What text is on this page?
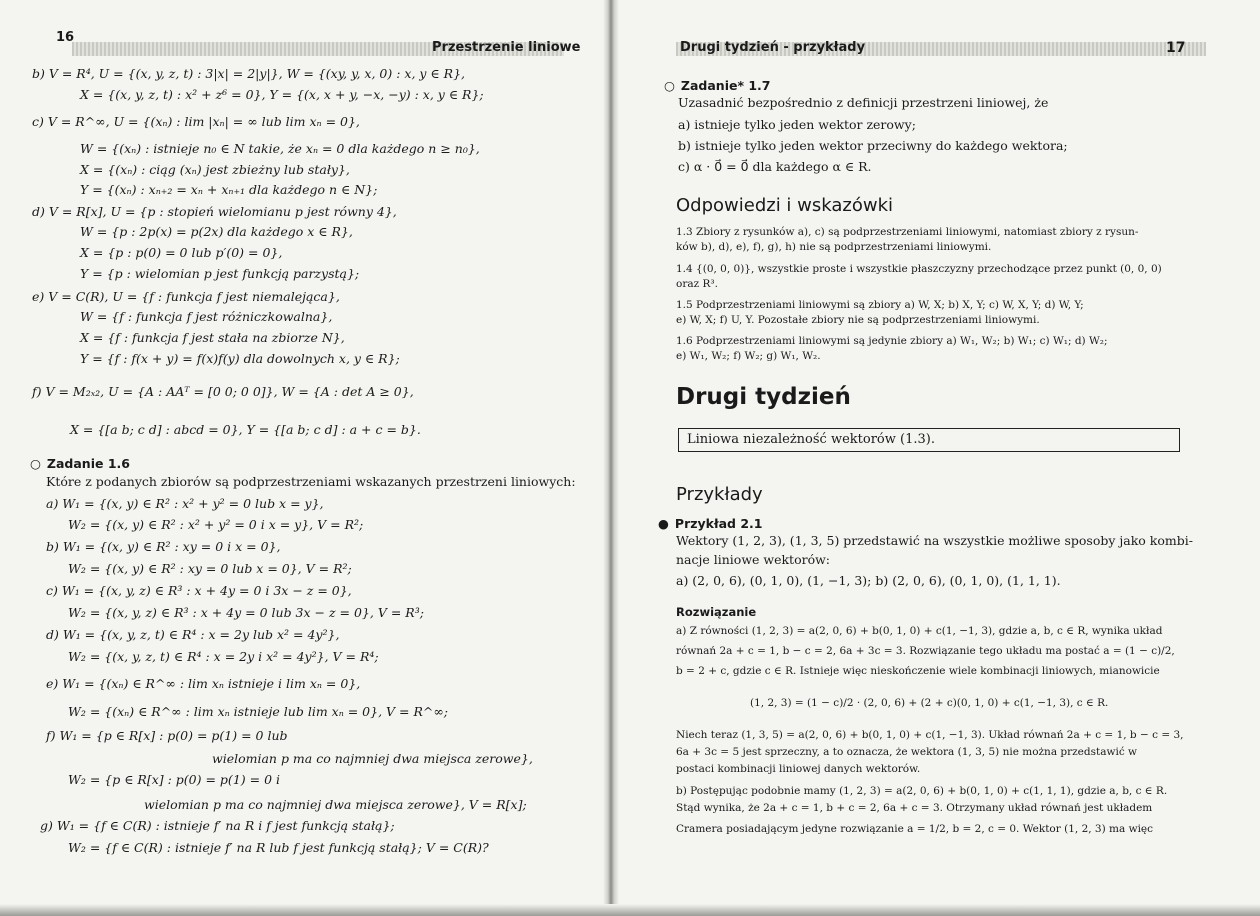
16
Przestrzenie liniowe
b) V = R⁴, U = {(x, y, z, t) : 3|x| = 2|y|}, W = {(xy, y, x, 0) : x, y ∈ R},
X = {(x, y, z, t) : x² + z⁶ = 0}, Y = {(x, x + y, −x, −y) : x, y ∈ R};
c) V = R^∞, U = {(xₙ) : lim |xₙ| = ∞ lub lim xₙ = 0},
W = {(xₙ) : istnieje n₀ ∈ N takie, że xₙ = 0 dla każdego n ≥ n₀},
X = {(xₙ) : ciąg (xₙ) jest zbieżny lub stały},
Y = {(xₙ) : xₙ₊₂ = xₙ + xₙ₊₁ dla każdego n ∈ N};
d) V = R[x], U = {p : stopień wielomianu p jest równy 4},
W = {p : 2p(x) = p(2x) dla każdego x ∈ R},
X = {p : p(0) = 0 lub p′(0) = 0},
Y = {p : wielomian p jest funkcją parzystą};
e) V = C(R), U = {f : funkcja f jest niemalejąca},
W = {f : funkcja f jest różniczkowalna},
X = {f : funkcja f jest stała na zbiorze N},
Y = {f : f(x + y) = f(x)f(y) dla dowolnych x, y ∈ R};
f) V = M₂ₓ₂, U = {A : AAᵀ = [0 0; 0 0]}, W = {A : det A ≥ 0},
X = {[a b; c d] : abcd = 0}, Y = {[a b; c d] : a + c = b}.
○ Zadanie 1.6
Które z podanych zbiorów są podprzestrzeniami wskazanych przestrzeni liniowych:
a) W₁ = {(x, y) ∈ R² : x² + y² = 0 lub x = y},
W₂ = {(x, y) ∈ R² : x² + y² = 0 i x = y}, V = R²;
b) W₁ = {(x, y) ∈ R² : xy = 0 i x = 0},
W₂ = {(x, y) ∈ R² : xy = 0 lub x = 0}, V = R²;
c) W₁ = {(x, y, z) ∈ R³ : x + 4y = 0 i 3x − z = 0},
W₂ = {(x, y, z) ∈ R³ : x + 4y = 0 lub 3x − z = 0}, V = R³;
d) W₁ = {(x, y, z, t) ∈ R⁴ : x = 2y lub x² = 4y²},
W₂ = {(x, y, z, t) ∈ R⁴ : x = 2y i x² = 4y²}, V = R⁴;
e) W₁ = {(xₙ) ∈ R^∞ : lim xₙ istnieje i lim xₙ = 0},
W₂ = {(xₙ) ∈ R^∞ : lim xₙ istnieje lub lim xₙ = 0}, V = R^∞;
f) W₁ = {p ∈ R[x] : p(0) = p(1) = 0 lub
wielomian p ma co najmniej dwa miejsca zerowe},
W₂ = {p ∈ R[x] : p(0) = p(1) = 0 i
wielomian p ma co najmniej dwa miejsca zerowe}, V = R[x];
g) W₁ = {f ∈ C(R) : istnieje f′ na R i f jest funkcją stałą};
W₂ = {f ∈ C(R) : istnieje f′ na R lub f jest funkcją stałą}; V = C(R)?
Drugi tydzień - przykłady	17
○ Zadanie* 1.7
Uzasadnić bezpośrednio z definicji przestrzeni liniowej, że
a) istnieje tylko jeden wektor zerowy;
b) istnieje tylko jeden wektor przeciwny do każdego wektora;
c) α · 0⃗ = 0⃗ dla każdego α ∈ R.
Odpowiedzi i wskazówki
1.3 Zbiory z rysunków a), c) są podprzestrzeniami liniowymi, natomiast zbiory z rysun-
ków b), d), e), f), g), h) nie są podprzestrzeniami liniowymi.
1.4 {(0, 0, 0)}, wszystkie proste i wszystkie płaszczyzny przechodzące przez punkt (0, 0, 0)
oraz R³.
1.5 Podprzestrzeniami liniowymi są zbiory a) W, X; b) X, Y; c) W, X, Y; d) W, Y;
e) W, X; f) U, Y. Pozostałe zbiory nie są podprzestrzeniami liniowymi.
1.6 Podprzestrzeniami liniowymi są jedynie zbiory a) W₁, W₂; b) W₁; c) W₁; d) W₂;
e) W₁, W₂; f) W₂; g) W₁, W₂.
Drugi tydzień
Liniowa niezależność wektorów (1.3).
Przykłady
● Przykład 2.1
Wektory (1, 2, 3), (1, 3, 5) przedstawić na wszystkie możliwe sposoby jako kombi-
nacje liniowe wektorów:
a) (2, 0, 6), (0, 1, 0), (1, −1, 3); b) (2, 0, 6), (0, 1, 0), (1, 1, 1).
Rozwiązanie
a) Z równości (1, 2, 3) = a(2, 0, 6) + b(0, 1, 0) + c(1, −1, 3), gdzie a, b, c ∈ R, wynika układ
równań 2a + c = 1, b − c = 2, 6a + 3c = 3. Rozwiązanie tego układu ma postać a = (1 − c)/2,
b = 2 + c, gdzie c ∈ R. Istnieje więc nieskończenie wiele kombinacji liniowych, mianowicie
(1, 2, 3) = (1 − c)/2 · (2, 0, 6) + (2 + c)(0, 1, 0) + c(1, −1, 3), c ∈ R.
Niech teraz (1, 3, 5) = a(2, 0, 6) + b(0, 1, 0) + c(1, −1, 3). Układ równań 2a + c = 1, b − c = 3,
6a + 3c = 5 jest sprzeczny, a to oznacza, że wektora (1, 3, 5) nie można przedstawić w
postaci kombinacji liniowej danych wektorów.
b) Postępując podobnie mamy (1, 2, 3) = a(2, 0, 6) + b(0, 1, 0) + c(1, 1, 1), gdzie a, b, c ∈ R.
Stąd wynika, że 2a + c = 1, b + c = 2, 6a + c = 3. Otrzymany układ równań jest układem
Cramera posiadającym jedyne rozwiązanie a = 1/2, b = 2, c = 0. Wektor (1, 2, 3) ma więc
